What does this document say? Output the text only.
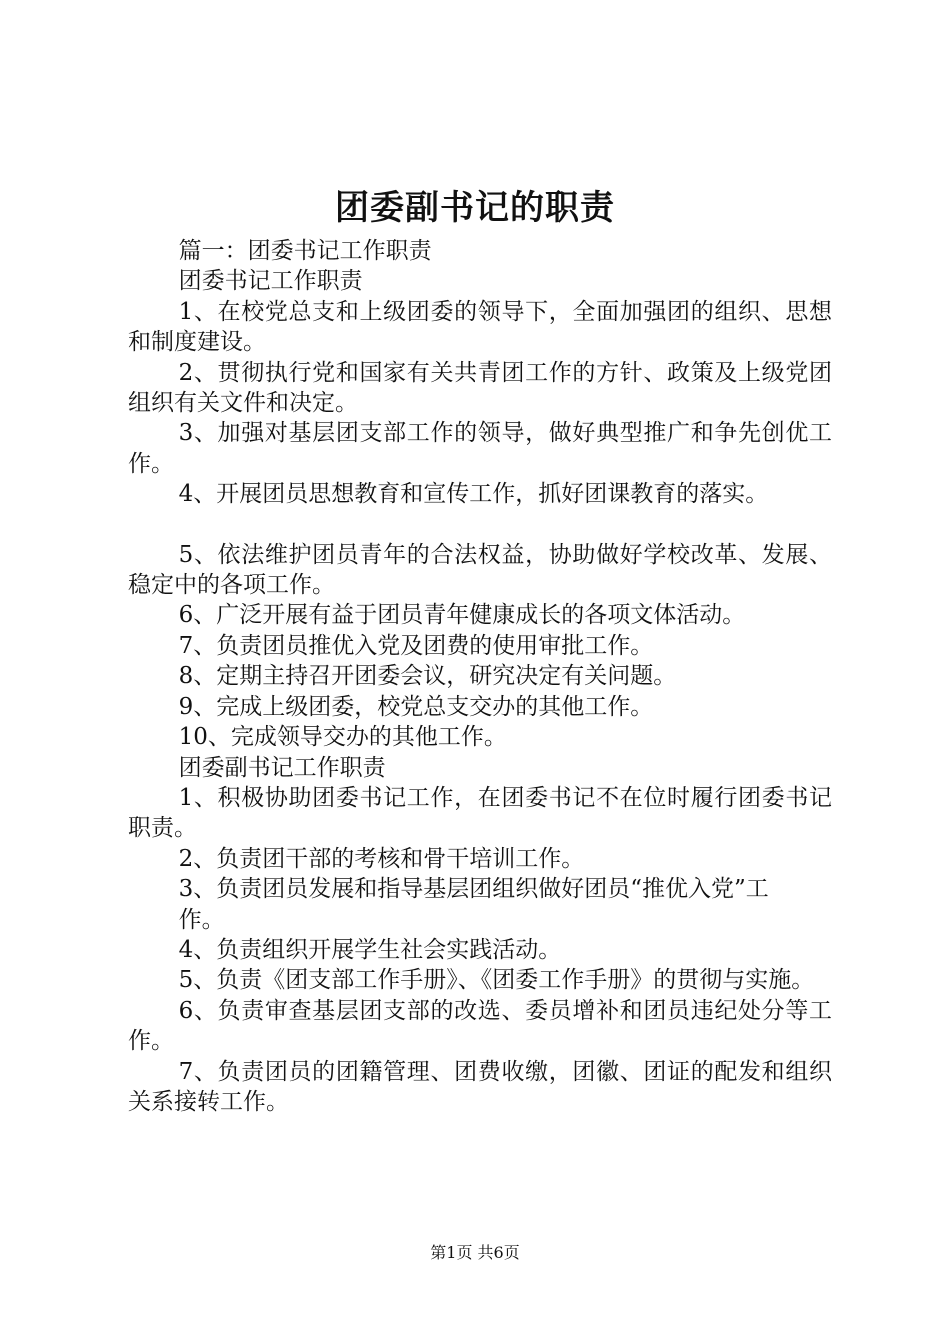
团委副书记的职责

篇一：团委书记工作职责

团委书记工作职责

1、在校党总支和上级团委的领导下，全面加强团的组织、思想和制度建设。

2、贯彻执行党和国家有关共青团工作的方针、政策及上级党团组织有关文件和决定。

3、加强对基层团支部工作的领导，做好典型推广和争先创优工作。

4、开展团员思想教育和宣传工作，抓好团课教育的落实。

5、依法维护团员青年的合法权益，协助做好学校改革、发展、稳定中的各项工作。

6、广泛开展有益于团员青年健康成长的各项文体活动。

7、负责团员推优入党及团费的使用审批工作。

8、定期主持召开团委会议，研究决定有关问题。

9、完成上级团委，校党总支交办的其他工作。

10、完成领导交办的其他工作。

团委副书记工作职责

1、积极协助团委书记工作，在团委书记不在位时履行团委书记职责。

2、负责团干部的考核和骨干培训工作。

3、负责团员发展和指导基层团组织做好团员“推优入党”工

作。

4、负责组织开展学生社会实践活动。

5、负责《团支部工作手册》、《团委工作手册》的贯彻与实施。

6、负责审查基层团支部的改选、委员增补和团员违纪处分等工作。

7、负责团员的团籍管理、团费收缴，团徽、团证的配发和组织关系接转工作。

第1页 共6页
